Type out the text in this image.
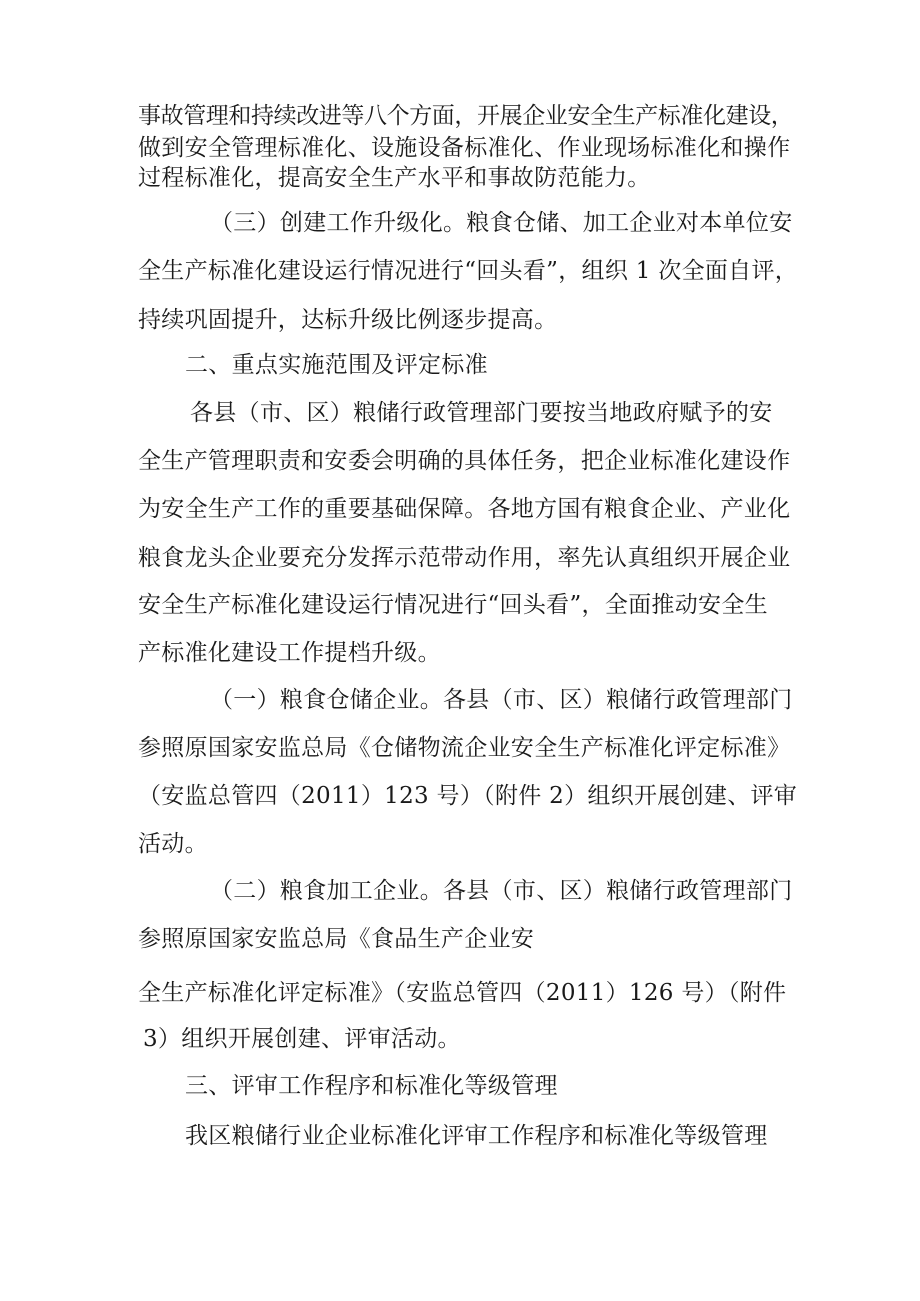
事故管理和持续改进等八个方面，开展企业安全生产标准化建设，

做到安全管理标准化、设施设备标准化、作业现场标准化和操作

过程标准化，提高安全生产水平和事故防范能力。

（三）创建工作升级化。粮食仓储、加工企业对本单位安

全生产标准化建设运行情况进行“回头看”，组织 1 次全面自评，

持续巩固提升，达标升级比例逐步提高。

二、重点实施范围及评定标准

各县（市、区）粮储行政管理部门要按当地政府赋予的安

全生产管理职责和安委会明确的具体任务，把企业标准化建设作

为安全生产工作的重要基础保障。各地方国有粮食企业、产业化

粮食龙头企业要充分发挥示范带动作用，率先认真组织开展企业

安全生产标准化建设运行情况进行“回头看”，全面推动安全生

产标准化建设工作提档升级。

（一）粮食仓储企业。各县（市、区）粮储行政管理部门

参照原国家安监总局《仓储物流企业安全生产标准化评定标准》

（安监总管四（2011）123 号）（附件 2）组织开展创建、评审

活动。

（二）粮食加工企业。各县（市、区）粮储行政管理部门

参照原国家安监总局《食品生产企业安

全生产标准化评定标准》（安监总管四（2011）126 号）（附件

3）组织开展创建、评审活动。

三、评审工作程序和标准化等级管理

我区粮储行业企业标准化评审工作程序和标准化等级管理
